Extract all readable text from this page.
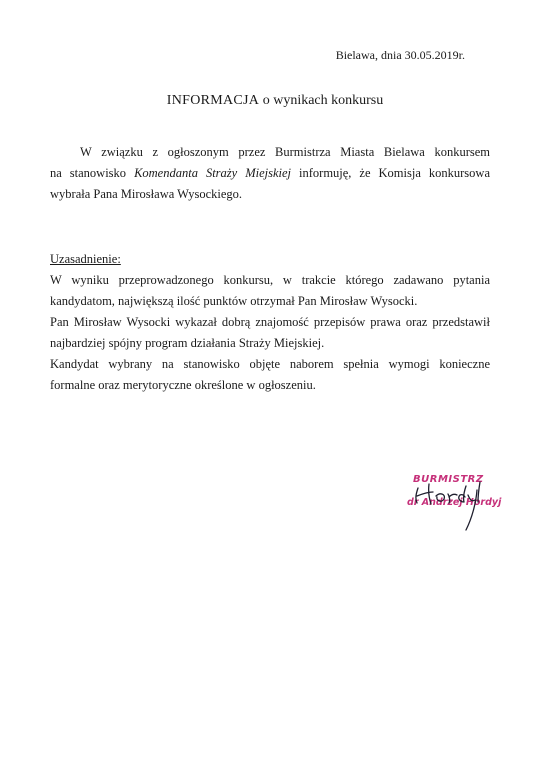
Bielawa, dnia 30.05.2019r.
INFORMACJA o wynikach konkursu
W związku z ogłoszonym przez Burmistrza Miasta Bielawa konkursem
na stanowisko Komendanta Straży Miejskiej informuję, że Komisja konkursowa
wybrała Pana Mirosława Wysockiego.
Uzasadnienie:
W wyniku przeprowadzonego konkursu, w trakcie którego zadawano pytania
kandydatom, największą ilość punktów otrzymał Pan Mirosław Wysocki.
Pan Mirosław Wysocki wykazał dobrą znajomość przepisów prawa oraz przedstawił
najbardziej spójny program działania Straży Miejskiej.
Kandydat wybrany na stanowisko objęte naborem spełnia wymogi konieczne
formalne oraz merytoryczne określone w ogłoszeniu.
BURMISTRZ
dr Andrzej Hordyj
